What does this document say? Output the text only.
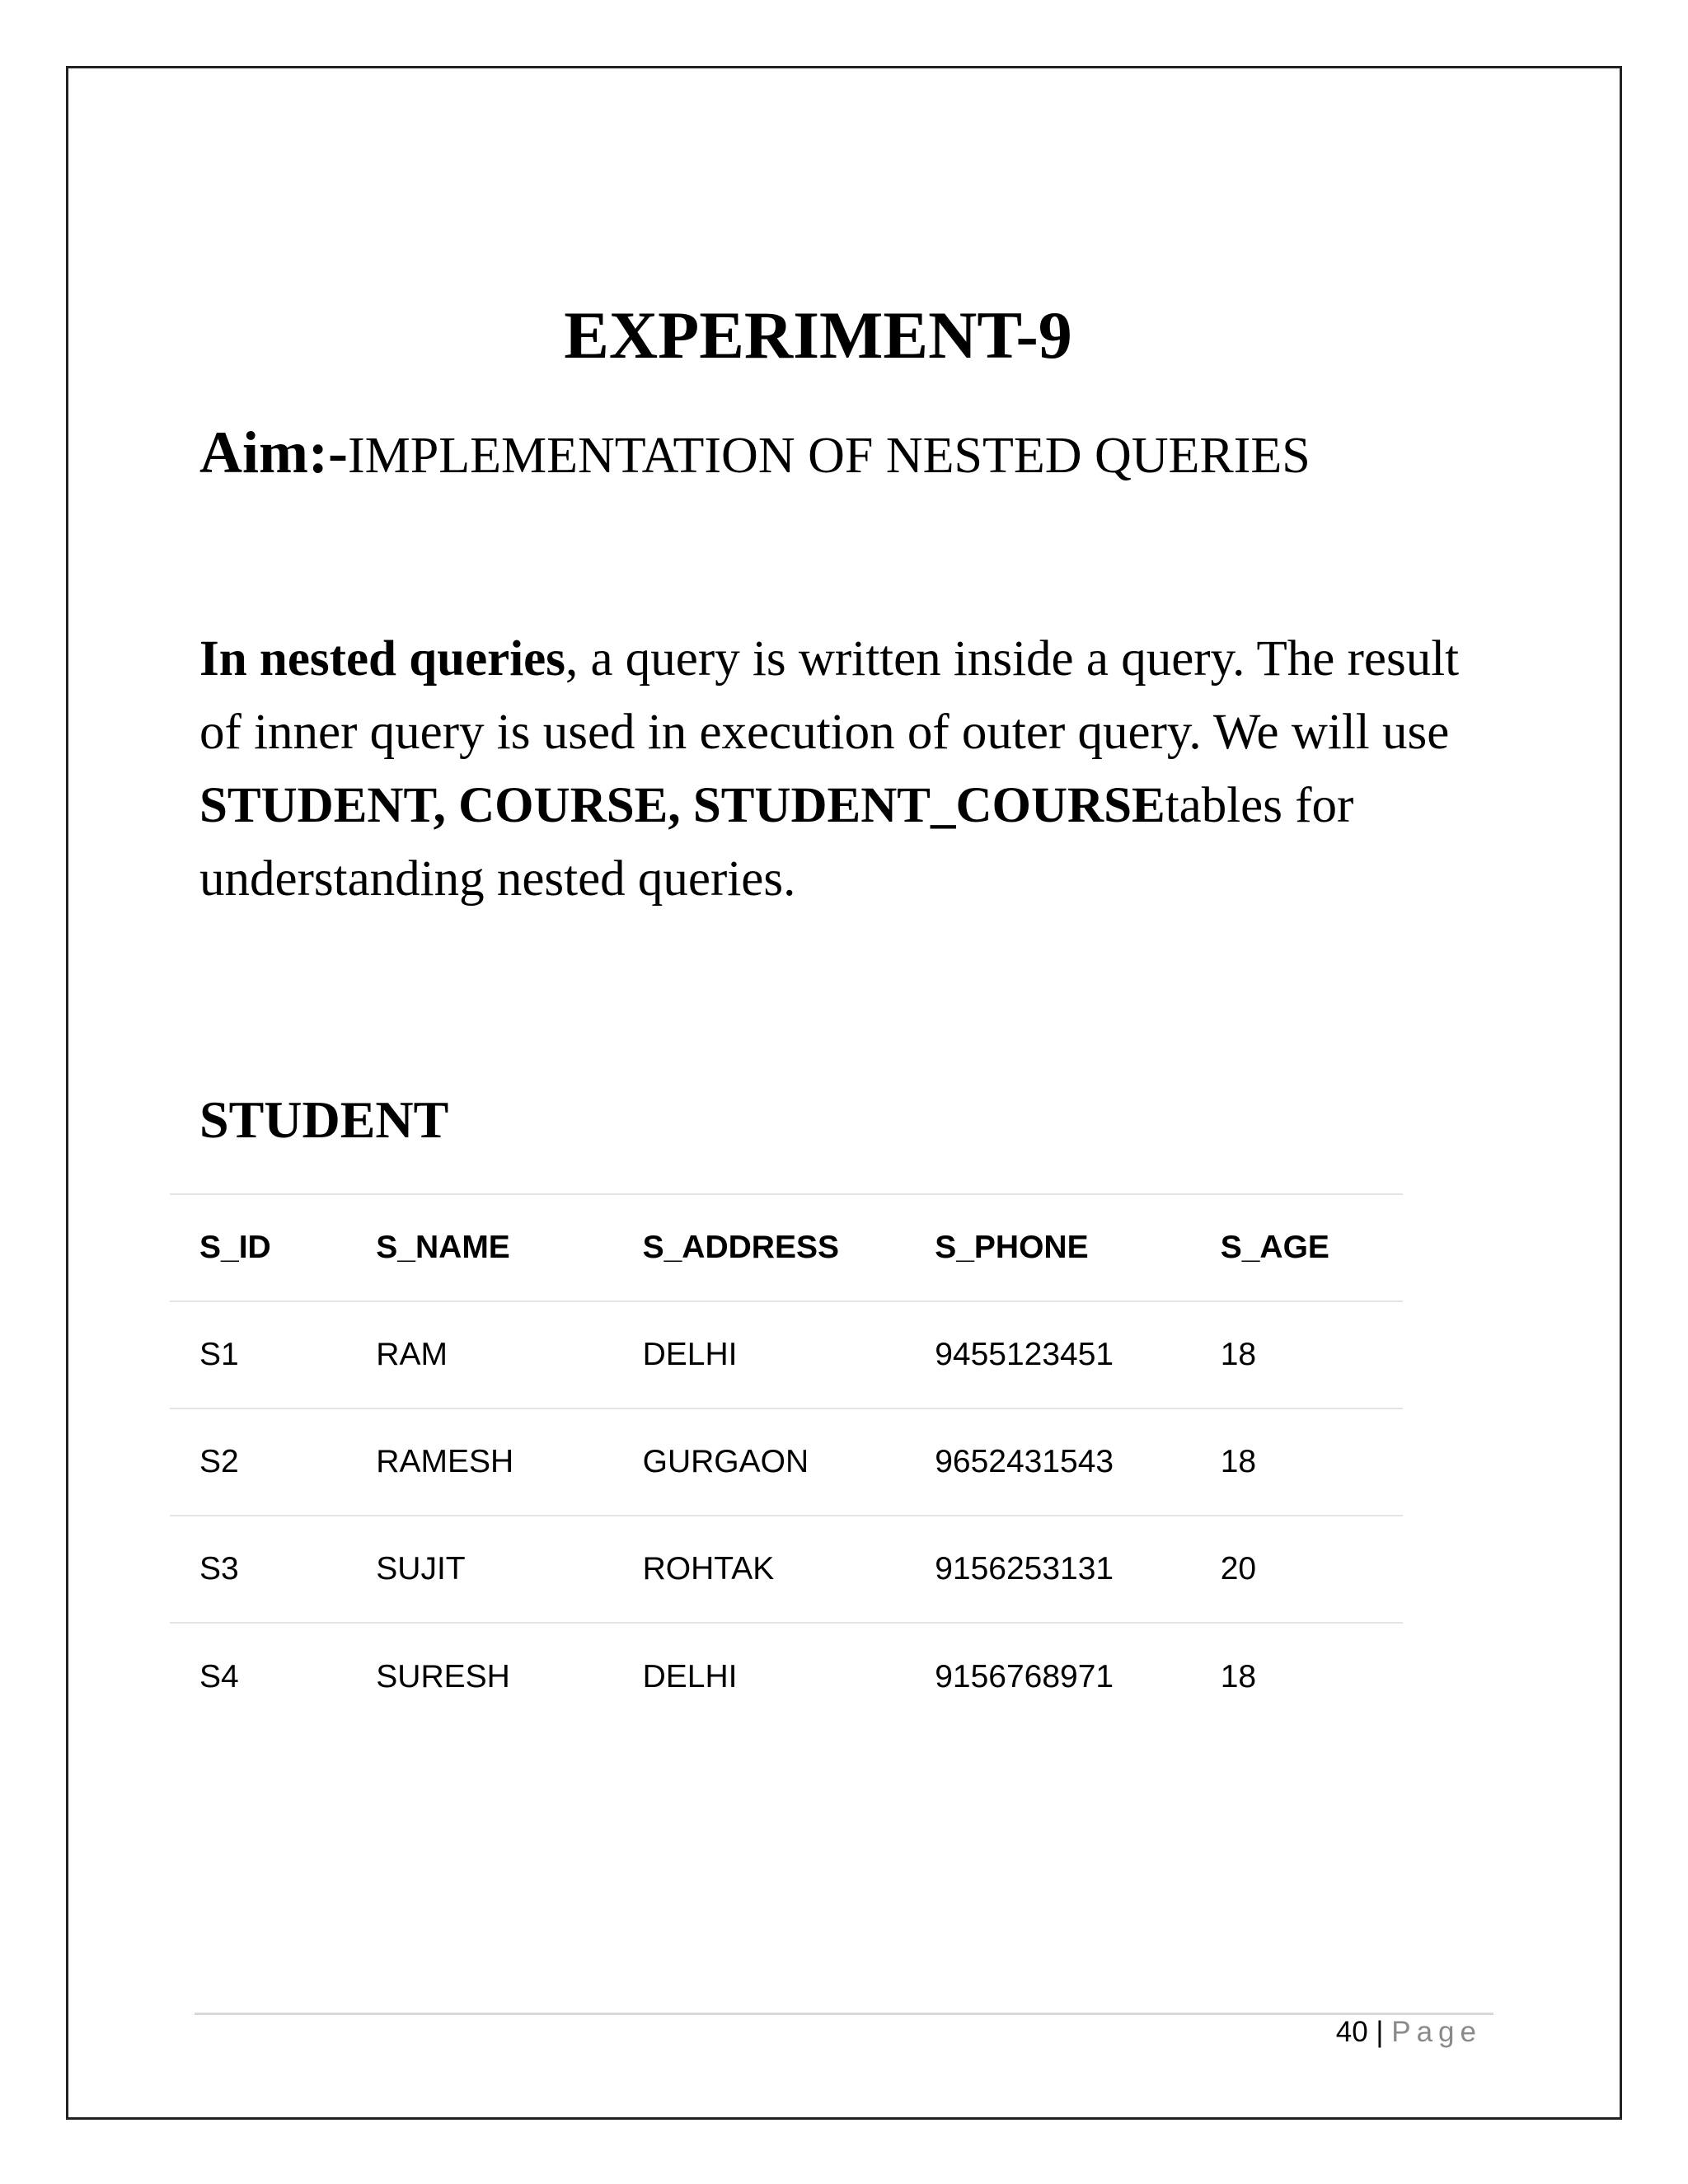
EXPERIMENT-9
Aim:-IMPLEMENTATION OF NESTED QUERIES
In nested queries, a query is written inside a query. The result of inner query is used in execution of outer query. We will use STUDENT, COURSE, STUDENT_COURSEtables for understanding nested queries.
STUDENT
S_ID	S_NAME	S_ADDRESS	S_PHONE	S_AGE
S1	RAM	DELHI	9455123451	18
S2	RAMESH	GURGAON	9652431543	18
S3	SUJIT	ROHTAK	9156253131	20
S4	SURESH	DELHI	9156768971	18
40 | Page
